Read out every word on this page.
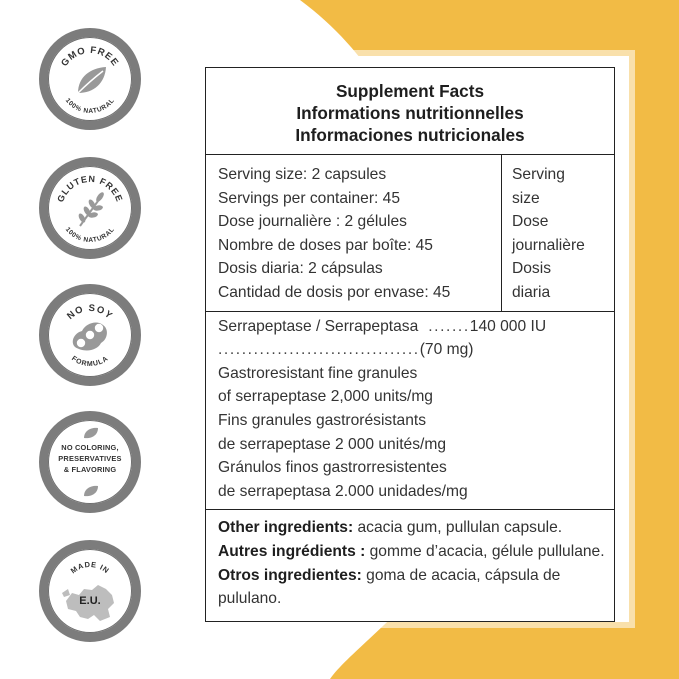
GMO FREE
100% NATURAL
GLUTEN FREE
100% NATURAL
NO SOY
FORMULA
NO COLORING,
PRESERVATIVES
& FLAVORING
MADE IN
E.U.
Supplement Facts
Informations nutritionnelles
Informaciones nutricionales
Serving size: 2 capsules
Servings per container: 45
Dose journalière : 2 gélules
Nombre de doses par boîte: 45
Dosis diaria: 2 cápsulas
Cantidad de dosis por envase: 45
Serving
size
Dose
journalière
Dosis
diaria
Serrapeptase / Serrapeptasa ....... 140 000 IU
.................................. (70 mg)
Gastroresistant fine granules
of serrapeptase 2,000 units/mg
Fins granules gastrorésistants
de serrapeptase 2 000 unités/mg
Gránulos finos gastrorresistentes
de serrapeptasa 2.000 unidades/mg
Other ingredients: acacia gum, pullulan capsule. Autres ingrédients : gomme d’acacia, gélule pullulane. Otros ingredientes: goma de acacia, cápsula de pululano.
